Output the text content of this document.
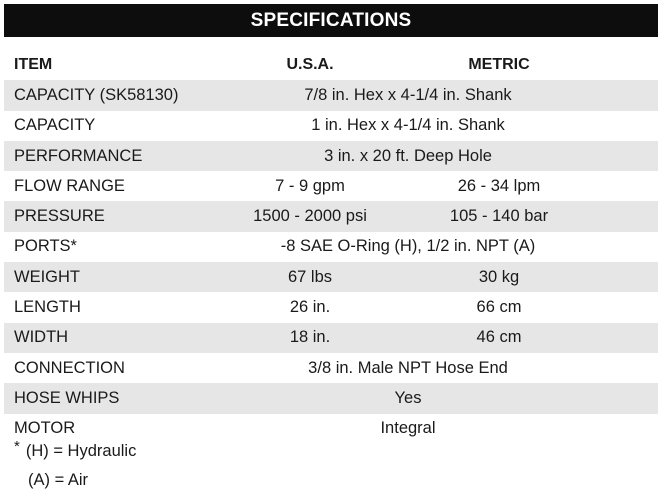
SPECIFICATIONS
ITEM	U.S.A.	METRIC
CAPACITY (SK58130)	7/8 in. Hex x 4-1/4 in. Shank
CAPACITY	1 in. Hex x 4-1/4 in. Shank
PERFORMANCE	3 in. x 20 ft. Deep Hole
FLOW RANGE	7 - 9 gpm	26 - 34 lpm
PRESSURE	1500 - 2000 psi	105 - 140 bar
PORTS*	-8 SAE O-Ring (H), 1/2 in. NPT (A)
WEIGHT	67 lbs	30 kg
LENGTH	26 in.	66 cm
WIDTH	18 in.	46 cm
CONNECTION	3/8 in. Male NPT Hose End
HOSE WHIPS	Yes
MOTOR	Integral
* (H) = Hydraulic
(A) = Air
